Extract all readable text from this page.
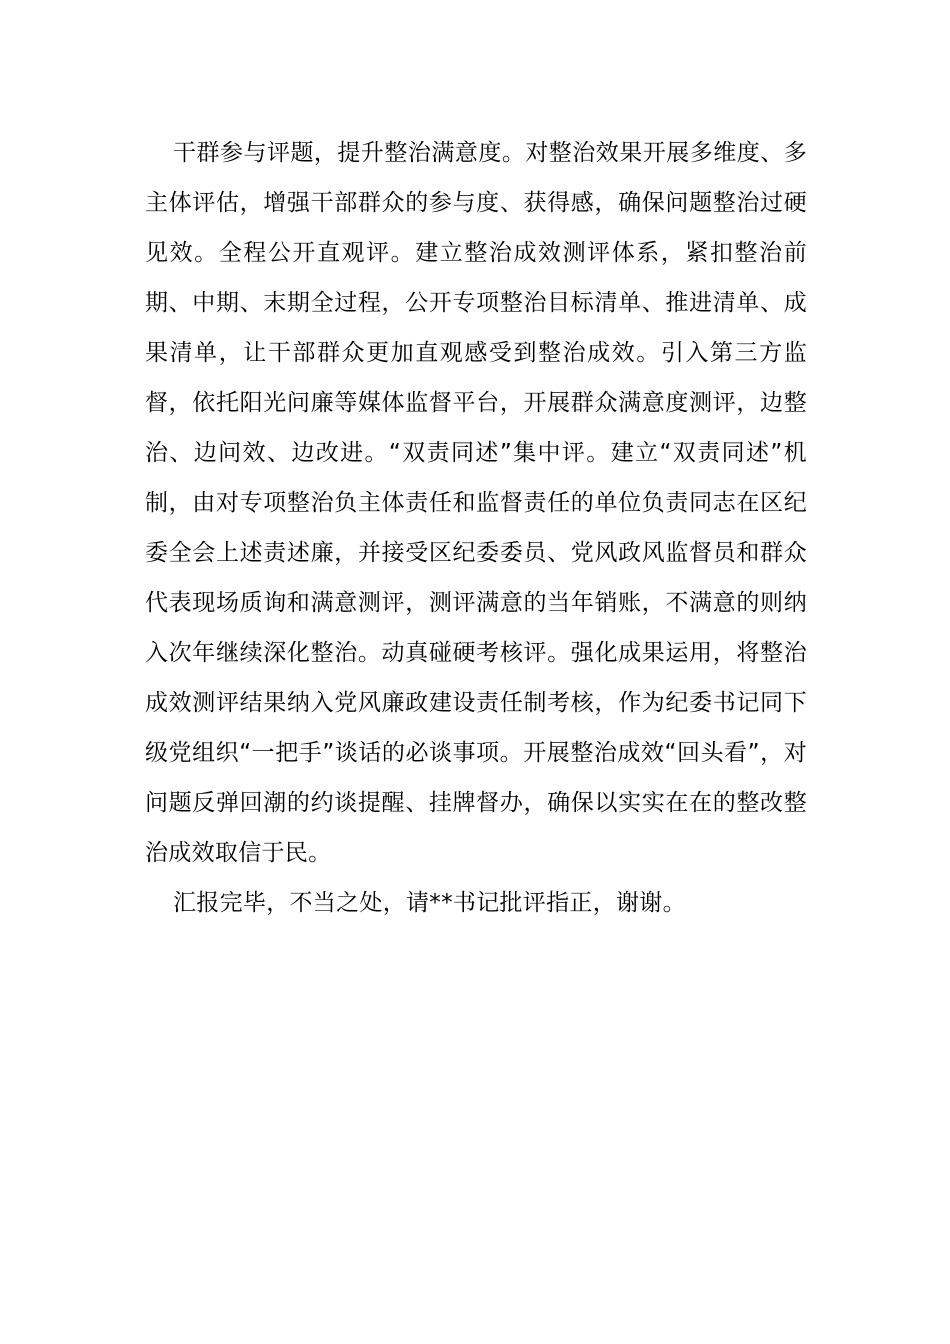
干群参与评题，提升整治满意度。对整治效果开展多维度、多主体评估，增强干部群众的参与度、获得感，确保问题整治过硬见效。全程公开直观评。建立整治成效测评体系，紧扣整治前期、中期、末期全过程，公开专项整治目标清单、推进清单、成果清单，让干部群众更加直观感受到整治成效。引入第三方监督，依托阳光问廉等媒体监督平台，开展群众满意度测评，边整治、边问效、边改进。“双责同述”集中评。建立“双责同述”机制，由对专项整治负主体责任和监督责任的单位负责同志在区纪委全会上述责述廉，并接受区纪委委员、党风政风监督员和群众代表现场质询和满意测评，测评满意的当年销账，不满意的则纳入次年继续深化整治。动真碰硬考核评。强化成果运用，将整治成效测评结果纳入党风廉政建设责任制考核，作为纪委书记同下级党组织“一把手”谈话的必谈事项。开展整治成效“回头看”，对问题反弹回潮的约谈提醒、挂牌督办，确保以实实在在的整改整治成效取信于民。

汇报完毕，不当之处，请**书记批评指正，谢谢。
